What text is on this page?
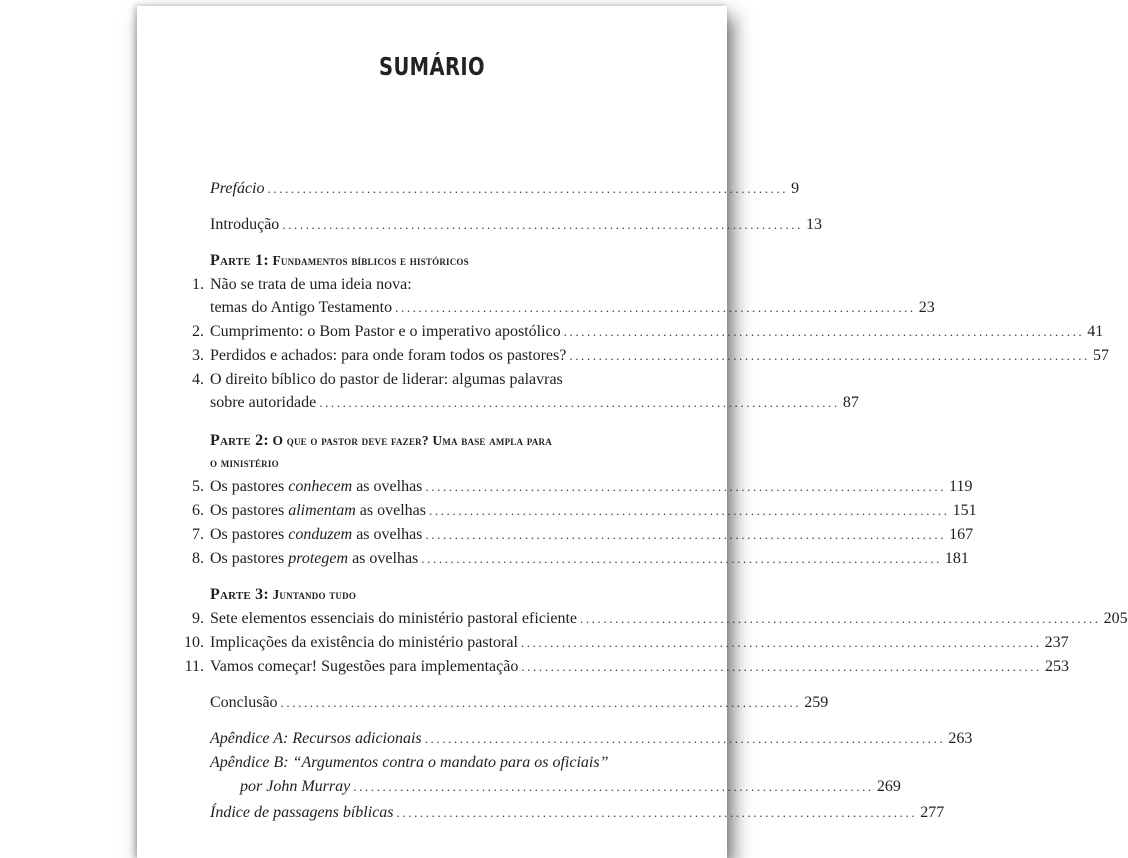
SUMÁRIO
Prefácio ......................................................................................... 9
Introdução ......................................................................................... 13
Parte 1: Fundamentos bíblicos e históricos
1. Não se trata de uma ideia nova:
temas do Antigo Testamento ......................................................................................... 23
2. Cumprimento: o Bom Pastor e o imperativo apostólico ......................................................................................... 41
3. Perdidos e achados: para onde foram todos os pastores? ......................................................................................... 57
4. O direito bíblico do pastor de liderar: algumas palavras
sobre autoridade ......................................................................................... 87
Parte 2: O que o pastor deve fazer? Uma base ampla para
o ministério
5. Os pastores conhecem as ovelhas ......................................................................................... 119
6. Os pastores alimentam as ovelhas ......................................................................................... 151
7. Os pastores conduzem as ovelhas ......................................................................................... 167
8. Os pastores protegem as ovelhas ......................................................................................... 181
Parte 3: Juntando tudo
9. Sete elementos essenciais do ministério pastoral eficiente ......................................................................................... 205
10. Implicações da existência do ministério pastoral ......................................................................................... 237
11. Vamos começar! Sugestões para implementação ......................................................................................... 253
Conclusão ......................................................................................... 259
Apêndice A: Recursos adicionais ......................................................................................... 263
Apêndice B: “Argumentos contra o mandato para os oficiais”
por John Murray ......................................................................................... 269
Índice de passagens bíblicas ......................................................................................... 277
